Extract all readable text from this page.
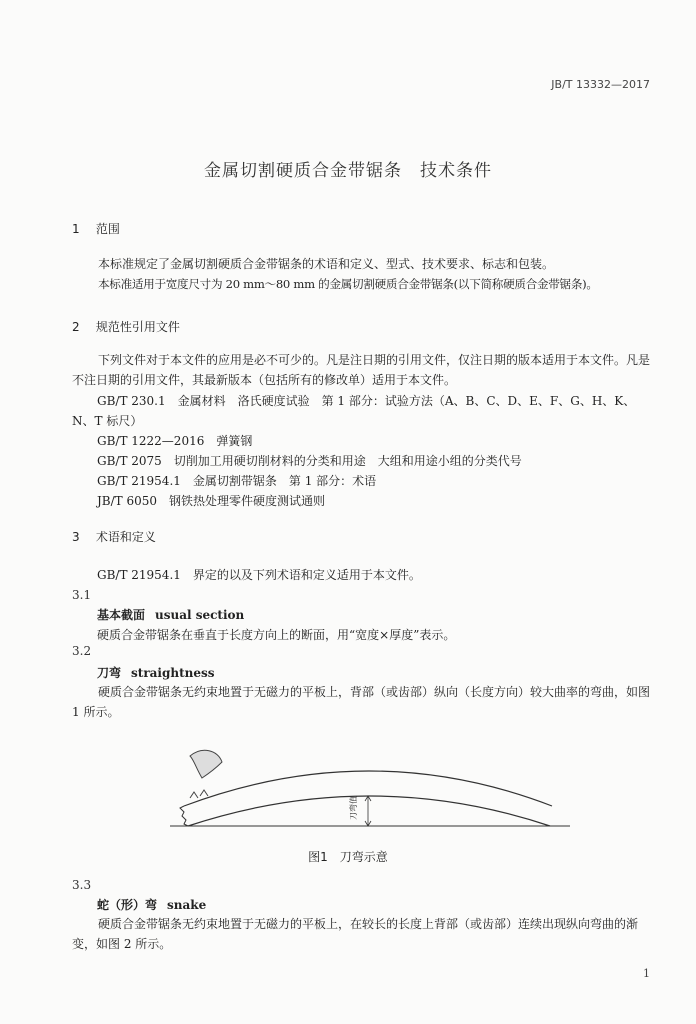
JB/T 13332—2017
金属切割硬质合金带锯条　技术条件
1 范围
本标准规定了金属切割硬质合金带锯条的术语和定义、型式、技术要求、标志和包装。
本标准适用于宽度尺寸为 20 mm～80 mm 的金属切割硬质合金带锯条(以下简称硬质合金带锯条)。
2 规范性引用文件
下列文件对于本文件的应用是必不可少的。凡是注日期的引用文件，仅注日期的版本适用于本文件。凡是不注日期的引用文件，其最新版本（包括所有的修改单）适用于本文件。
GB/T 230.1　金属材料　洛氏硬度试验　第 1 部分：试验方法（A、B、C、D、E、F、G、H、K、
N、T 标尺）
GB/T 1222—2016　弹簧钢
GB/T 2075　切削加工用硬切削材料的分类和用途　大组和用途小组的分类代号
GB/T 21954.1　金属切割带锯条　第 1 部分：术语
JB/T 6050　钢铁热处理零件硬度测试通则
3 术语和定义
GB/T 21954.1　界定的以及下列术语和定义适用于本文件。
3.1
基本截面 usual section
硬质合金带锯条在垂直于长度方向上的断面，用“宽度×厚度”表示。
3.2
刀弯 straightness
硬质合金带锯条无约束地置于无磁力的平板上，背部（或齿部）纵向（长度方向）较大曲率的弯曲，如图 1 所示。
刀弯值
图1　刀弯示意
3.3
蛇（形）弯 snake
硬质合金带锯条无约束地置于无磁力的平板上，在较长的长度上背部（或齿部）连续出现纵向弯曲的渐变，如图 2 所示。
1
